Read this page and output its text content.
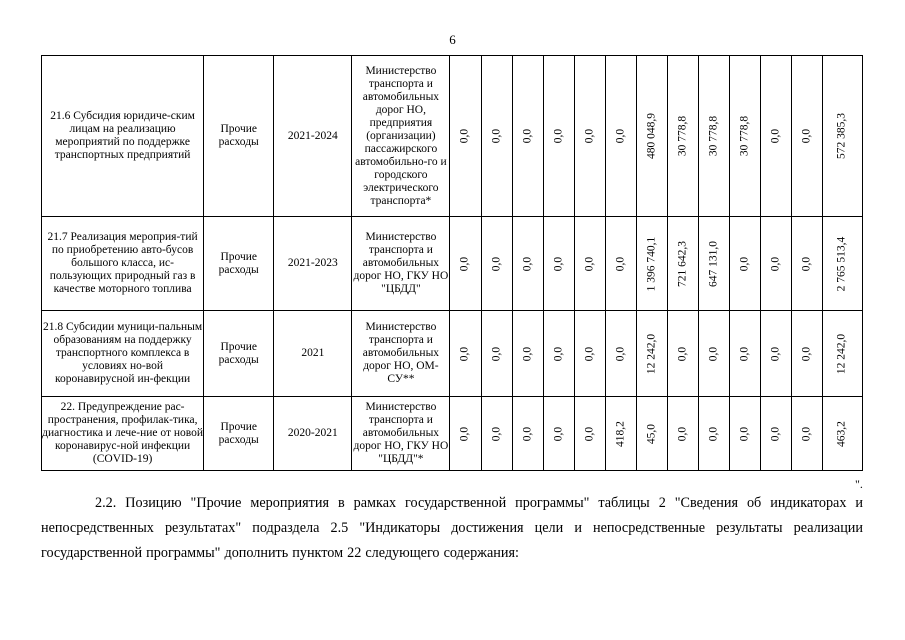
6
21.6 Субсидия юридиче-ским лицам на реализацию мероприятий по поддержке транспортных предприятий	Прочие расходы	2021-2024	Министерство транспорта и автомобильных дорог НО, предприятия (организации) пассажирского автомобильно-го и городского электрического транспорта*	0,0	0,0	0,0	0,0	0,0	0,0	480 048,9	30 778,8	30 778,8	30 778,8	0,0	0,0	572 385,3

21.7 Реализация мероприя-тий по приобретению авто-бусов большого класса, ис-пользующих природный газ в качестве моторного топлива	Прочие расходы	2021-2023	Министерство транспорта и автомобильных дорог НО, ГКУ НО "ЦБДД"	0,0	0,0	0,0	0,0	0,0	0,0	1 396 740,1	721 642,3	647 131,0	0,0	0,0	0,0	2 765 513,4

21.8 Субсидии муници-пальным образованиям на поддержку транспортного комплекса в условиях но-вой коронавирусной ин-фекции	Прочие расходы	2021	Министерство транспорта и автомобильных дорог НО, ОМ-СУ**	0,0	0,0	0,0	0,0	0,0	0,0	12 242,0	0,0	0,0	0,0	0,0	0,0	12 242,0

22. Предупреждение рас-пространения, профилак-тика, диагностика и лече-ние от новой коронавирус-ной инфекции (COVID-19)	Прочие расходы	2020-2021	Министерство транспорта и автомобильных дорог НО, ГКУ НО "ЦБДД"*	0,0	0,0	0,0	0,0	0,0	418,2	45,0	0,0	0,0	0,0	0,0	0,0	463,2
".
2.2. Позицию "Прочие мероприятия в рамках государственной программы" таблицы 2 "Сведения об индикаторах и непосредственных результатах" подраздела 2.5 "Индикаторы достижения цели и непосредственные результаты реализации государственной программы" дополнить пунктом 22 следующего содержания:
